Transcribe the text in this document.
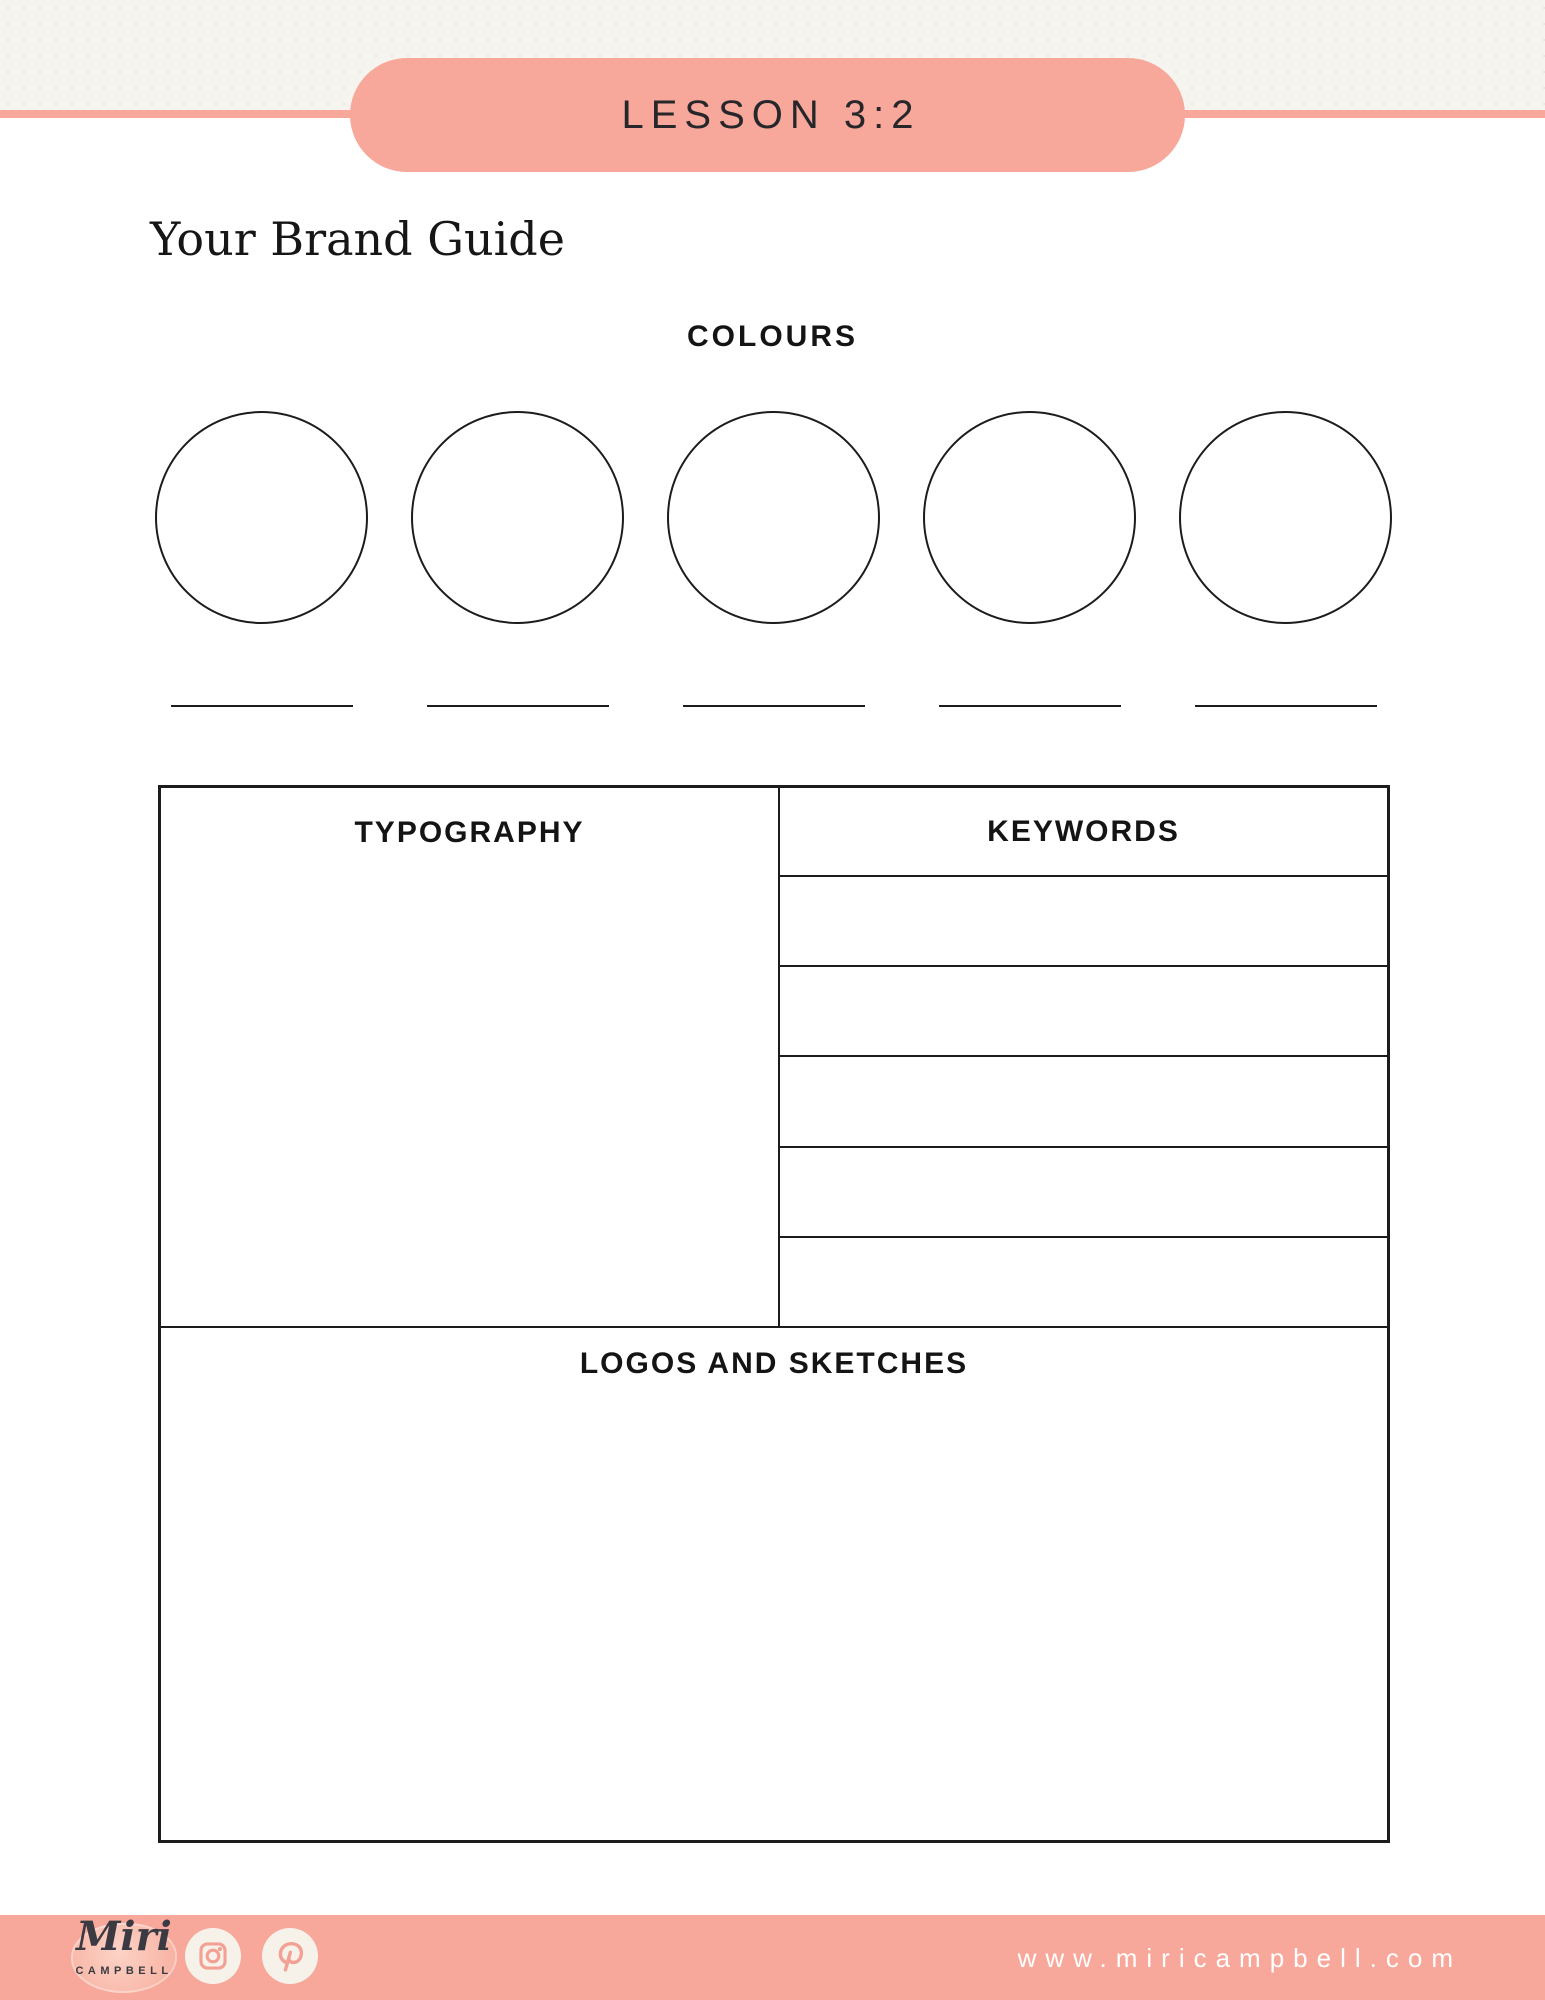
LESSON 3:2
Your Brand Guide
COLOURS
TYPOGRAPHY	KEYWORDS
LOGOS AND SKETCHES
Miri
CAMPBELL	www.miricampbell.com
